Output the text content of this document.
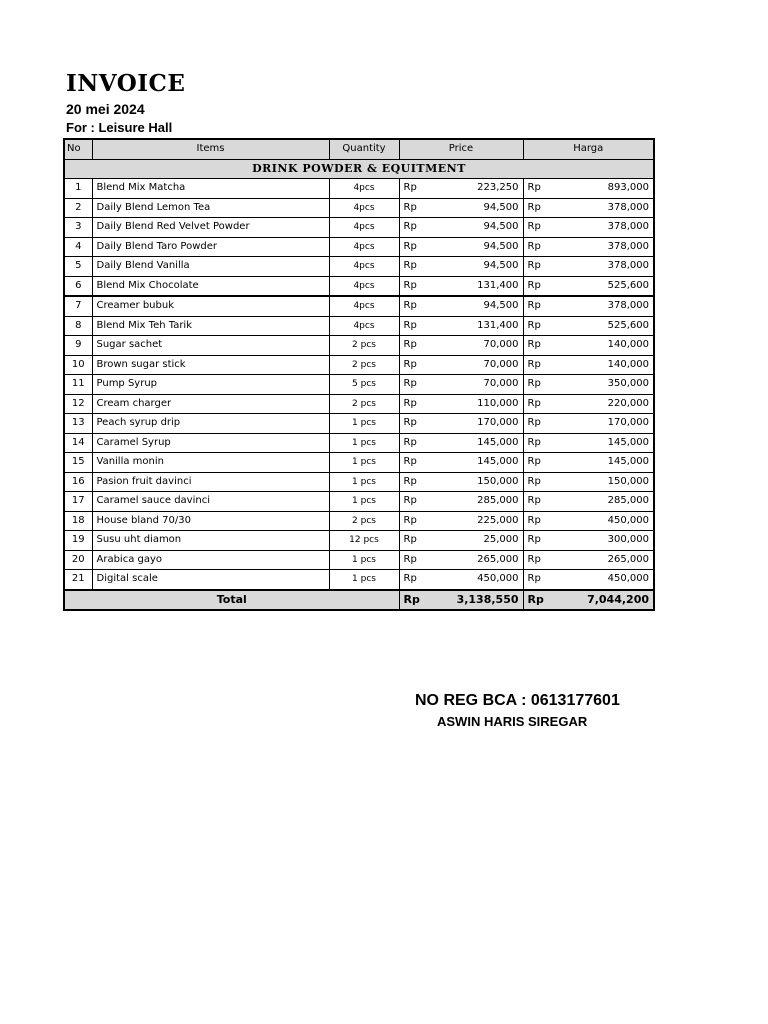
INVOICE
20 mei 2024
For : Leisure Hall
No	Items	Quantity	Price		Harga	
DRINK POWDER & EQUITMENT						
1	Blend Mix Matcha	4pcs	Rp	223,250	Rp	893,000
2	Daily Blend Lemon Tea	4pcs	Rp	94,500	Rp	378,000
3	Daily Blend Red Velvet Powder	4pcs	Rp	94,500	Rp	378,000
4	Daily Blend Taro Powder	4pcs	Rp	94,500	Rp	378,000
5	Daily Blend Vanilla	4pcs	Rp	94,500	Rp	378,000
6	Blend Mix Chocolate	4pcs	Rp	131,400	Rp	525,600
7	Creamer bubuk	4pcs	Rp	94,500	Rp	378,000
8	Blend Mix Teh Tarik	4pcs	Rp	131,400	Rp	525,600
9	Sugar sachet	2 pcs	Rp	70,000	Rp	140,000
10	Brown sugar stick	2 pcs	Rp	70,000	Rp	140,000
11	Pump Syrup	5 pcs	Rp	70,000	Rp	350,000
12	Cream charger	2 pcs	Rp	110,000	Rp	220,000
13	Peach syrup drip	1 pcs	Rp	170,000	Rp	170,000
14	Caramel Syrup	1 pcs	Rp	145,000	Rp	145,000
15	Vanilla monin	1 pcs	Rp	145,000	Rp	145,000
16	Pasion fruit davinci	1 pcs	Rp	150,000	Rp	150,000
17	Caramel sauce davinci	1 pcs	Rp	285,000	Rp	285,000
18	House bland 70/30	2 pcs	Rp	225,000	Rp	450,000
19	Susu uht diamon	12 pcs	Rp	25,000	Rp	300,000
20	Arabica gayo	1 pcs	Rp	265,000	Rp	265,000
21	Digital scale	1 pcs	Rp	450,000	Rp	450,000
Total			Rp	3,138,550	Rp	7,044,200
NO REG BCA : 0613177601
ASWIN HARIS SIREGAR
